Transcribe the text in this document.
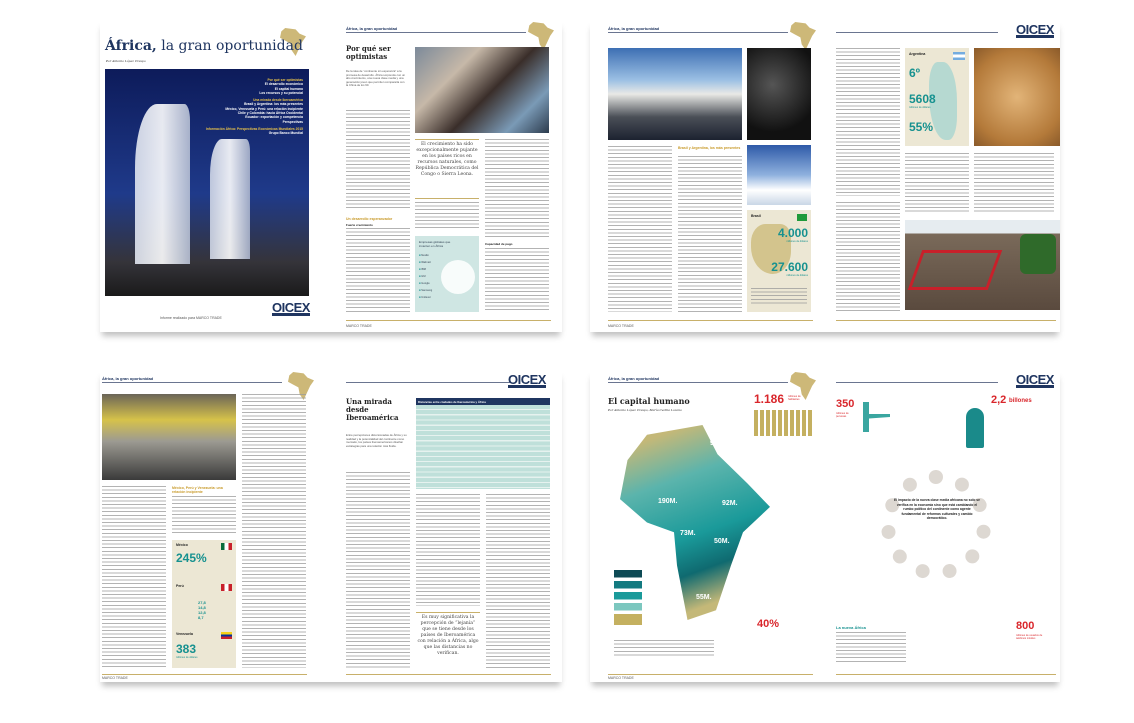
África, la gran oportunidad
Por Antonio López Crespo
Por qué ser optimistas
El desarrollo económico
El capital humano
Los recursos y su potencial
Una mirada desde Iberoamérica
Brasil y Argentina: los más presentes
México, Venezuela y Perú: una relación incipiente
Chile y Colombia: hacia África Occidental
Ecuador: exportación y competencia
Perspectivas
Información África: Perspectivas Económicas Mundiales 2015
Grupo Banco Mundial
OICEX
Informe realizado para MARCO TRADE
África, la gran oportunidad
Por qué ser optimistas
De la idea de “continente sin esperanza” a la promesa de desarrollo. África sorprende con un alto crecimiento, una nueva clase media y una generación joven que permiten compararla con la China de los 90.
Un desarrollo esperanzador
Fuerte crecimiento
El crecimiento ha sido excepcionalmente pujante en los países ricos en recursos naturales, como República Democrática del Congo o Sierra Leona.
Empresas globales que invierten en África
■ Nestlé
■ Walmart
■ IBM
■ GM
■ Google
■ Samsung
■ Unilever
Capacidad de pago
MARCO TRADE
África, la gran oportunidad
Brasil y Argentina, los más presentes
Brasil
4.000
millones de dólares
27.600
millones de dólares
MARCO TRADE
OICEX
Argentina
6º
5608
millones de dólares
55%
África, la gran oportunidad
México, Perú y Venezuela: una relación incipiente
México
245%
Perú
27,8
14,8
12,8
8,7
Venezuela
383
millones de dólares
MARCO TRADE
OICEX
Una mirada desde Iberoamérica
Entre percepciones distorsionadas de África y su realidad y la potencialidad del continente como mercado, los países iberoamericanos diseñan estrategias para una relación más fluida.
Distancias entre ciudades de Iberoamérica y África
Es muy significativa la percepción de “lejanía” que se tiene desde los países de Iberoamérica con relación a África, algo que las distancias no verifican.
África, la gran oportunidad
El capital humano
Por Antonio López Crespo, María Cecilia Lozano
1.186 millones de habitantes
91M.
190M.	92M.
73M.
50M.
55M.
40%
MARCO TRADE
OICEX
350
millones de personas
2,2 billones
El impacto de la nueva clase media africana no solo se verifica en la economía sino que está cambiando el rumbo político del continente como agente fundamental de reformas culturales y cambio democrático.
La nueva África	800
millones de usuarios de teléfonos móviles
